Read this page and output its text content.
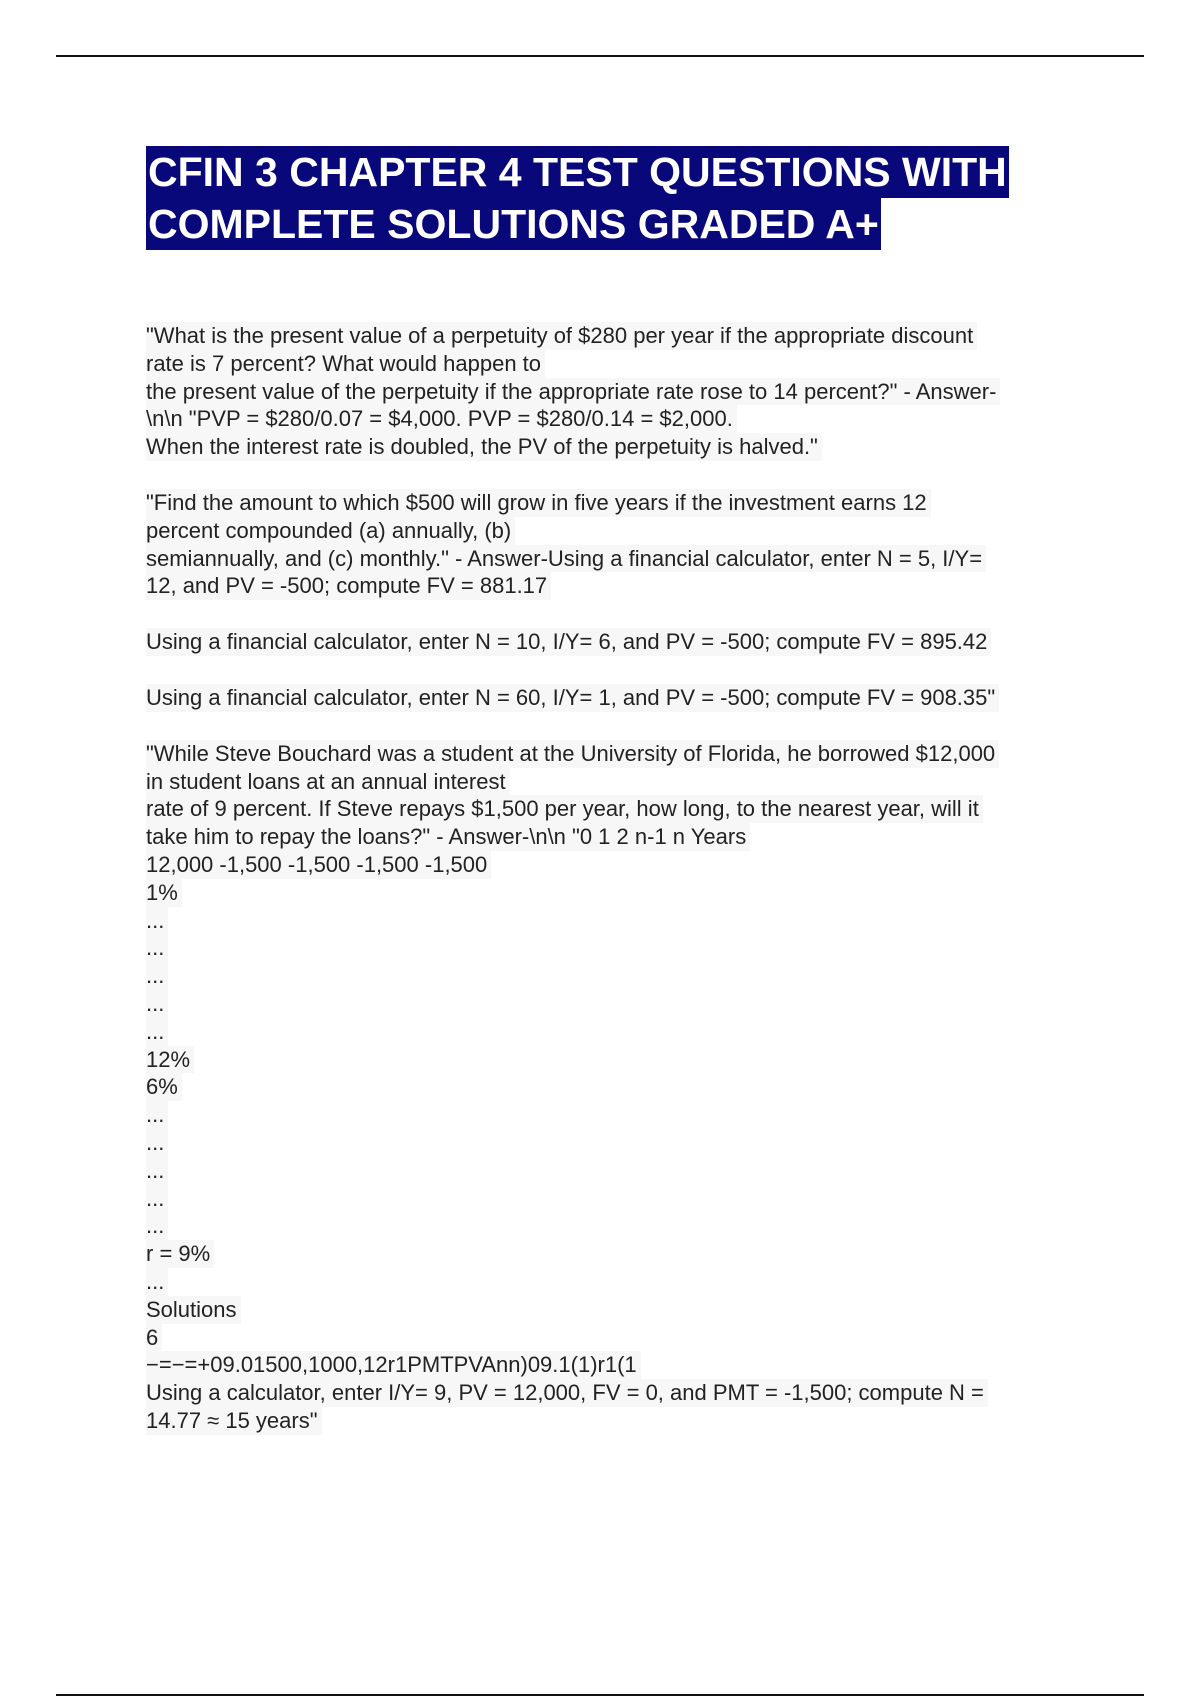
CFIN 3 CHAPTER 4 TEST QUESTIONS WITH
COMPLETE SOLUTIONS GRADED A+
"What is the present value of a perpetuity of $280 per year if the appropriate discount
rate is 7 percent? What would happen to
the present value of the perpetuity if the appropriate rate rose to 14 percent?" - Answer-
\n\n "PVP = $280/0.07 = $4,000. PVP = $280/0.14 = $2,000.
When the interest rate is doubled, the PV of the perpetuity is halved."
"Find the amount to which $500 will grow in five years if the investment earns 12
percent compounded (a) annually, (b)
semiannually, and (c) monthly." - Answer-Using a financial calculator, enter N = 5, I/Y=
12, and PV = -500; compute FV = 881.17
Using a financial calculator, enter N = 10, I/Y= 6, and PV = -500; compute FV = 895.42
Using a financial calculator, enter N = 60, I/Y= 1, and PV = -500; compute FV = 908.35"
"While Steve Bouchard was a student at the University of Florida, he borrowed $12,000
in student loans at an annual interest
rate of 9 percent. If Steve repays $1,500 per year, how long, to the nearest year, will it
take him to repay the loans?" - Answer-\n\n "0 1 2 n-1 n Years
12,000 -1,500 -1,500 -1,500 -1,500
1%
...
...
...
...
...
12%
6%
...
...
...
...
...
r = 9%
...
Solutions
6
−=−=+09.01500,1000,12r1PMTPVAnn)09.1(1)r1(1
Using a calculator, enter I/Y= 9, PV = 12,000, FV = 0, and PMT = -1,500; compute N =
14.77 ≈ 15 years"
